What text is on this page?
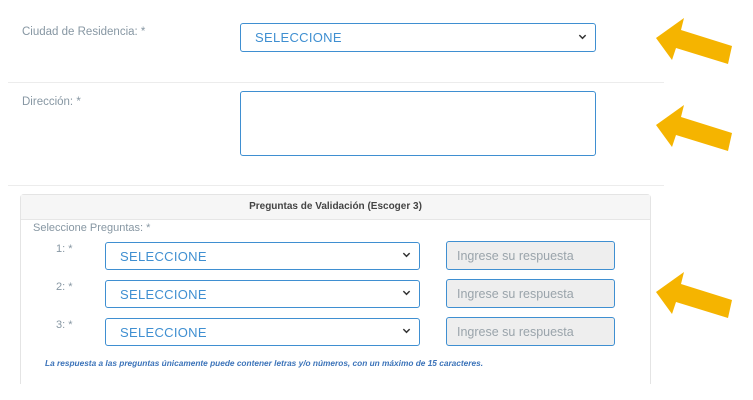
Ciudad de Residencia: *	SELECCIONE
Dirección: *
Preguntas de Validación (Escoger 3)
Seleccione Preguntas: *
1: *	SELECCIONE	Ingrese su respuesta
2: *	SELECCIONE	Ingrese su respuesta
3: *	SELECCIONE	Ingrese su respuesta
La respuesta a las preguntas únicamente puede contener letras y/o números, con un máximo de 15 caracteres.
